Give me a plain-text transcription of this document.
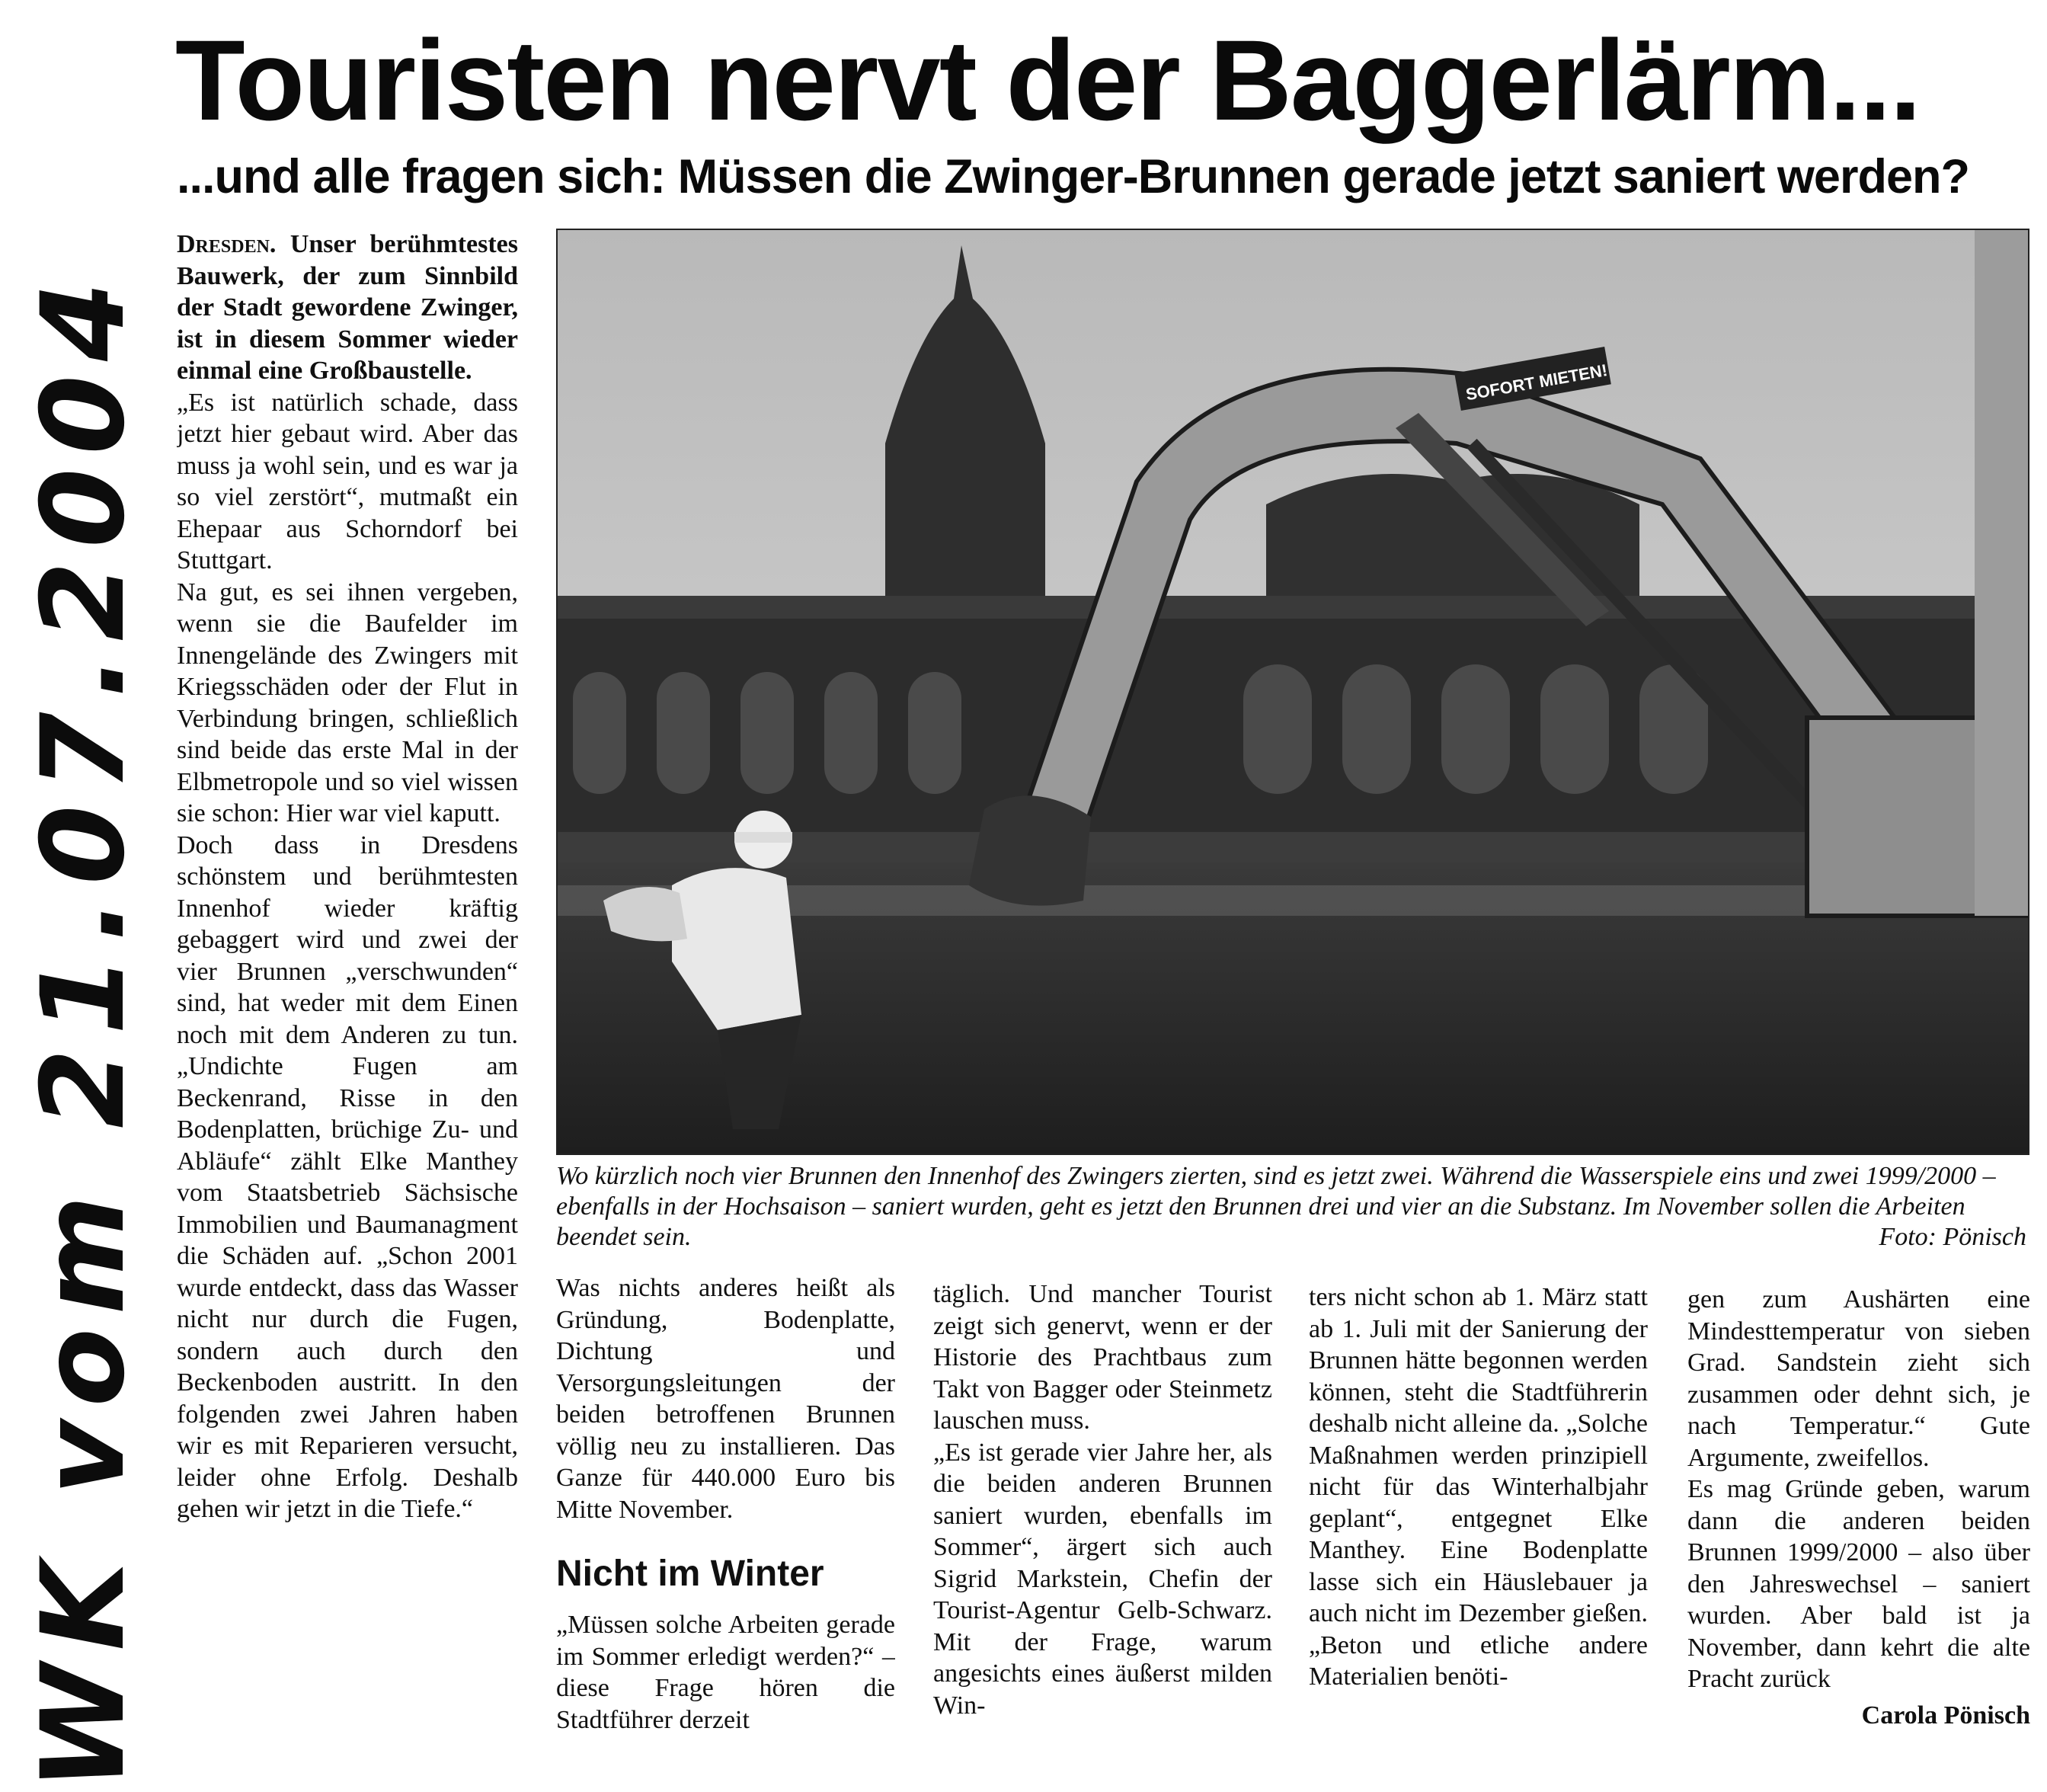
Touristen nervt der Baggerlärm...
...und alle fragen sich: Müssen die Zwinger-Brunnen gerade jetzt saniert werden?
WK vom 21.07.2004

Dresden. Unser berühmtestes Bauwerk, der zum Sinnbild der Stadt gewordene Zwinger, ist in diesem Sommer wieder einmal eine Großbaustelle.

„Es ist natürlich schade, dass jetzt hier gebaut wird. Aber das muss ja wohl sein, und es war ja so viel zerstört“, mutmaßt ein Ehepaar aus Schorndorf bei Stuttgart.

Na gut, es sei ihnen vergeben, wenn sie die Baufelder im Innengelände des Zwingers mit Kriegsschäden oder der Flut in Verbindung bringen, schließlich sind beide das erste Mal in der Elbmetropole und so viel wissen sie schon: Hier war viel kaputt.

Doch dass in Dresdens schönstem und berühmtesten Innenhof wieder kräftig gebaggert wird und zwei der vier Brunnen „verschwunden“ sind, hat weder mit dem Einen noch mit dem Anderen zu tun. „Undichte Fugen am Beckenrand, Risse in den Bodenplatten, brüchige Zu- und Abläufe“ zählt Elke Manthey vom Staatsbetrieb Sächsische Immobilien und Baumanagment die Schäden auf. „Schon 2001 wurde entdeckt, dass das Wasser nicht nur durch die Fugen, sondern auch durch den Beckenboden austritt. In den folgenden zwei Jahren haben wir es mit Reparieren versucht, leider ohne Erfolg. Deshalb gehen wir jetzt in die Tiefe.“

SOFORT MIETEN!
Wo kürzlich noch vier Brunnen den Innenhof des Zwingers zierten, sind es jetzt zwei. Während die Wasserspiele eins und zwei 1999/2000 – ebenfalls in der Hochsaison – saniert wurden, geht es jetzt den Brunnen drei und vier an die Substanz. Im November sollen die Arbeiten beendet sein.	Foto: Pönisch

Was nichts anderes heißt als Gründung, Bodenplatte, Dichtung und Versorgungsleitungen der beiden betroffenen Brunnen völlig neu zu installieren. Das Ganze für 440.000 Euro bis Mitte November.

Nicht im Winter

„Müssen solche Arbeiten gerade im Sommer erledigt werden?“ – diese Frage hören die Stadtführer derzeit

täglich. Und mancher Tourist zeigt sich genervt, wenn er der Historie des Prachtbaus zum Takt von Bagger oder Steinmetz lauschen muss.

„Es ist gerade vier Jahre her, als die beiden anderen Brunnen saniert wurden, ebenfalls im Sommer“, ärgert sich auch Sigrid Markstein, Chefin der Tourist-Agentur Gelb-Schwarz. Mit der Frage, warum angesichts eines äußerst milden Win-

ters nicht schon ab 1. März statt ab 1. Juli mit der Sanierung der Brunnen hätte begonnen werden können, steht die Stadtführerin deshalb nicht alleine da. „Solche Maßnahmen werden prinzipiell nicht für das Winterhalbjahr geplant“, entgegnet Elke Manthey. Eine Bodenplatte lasse sich ein Häuslebauer ja auch nicht im Dezember gießen. „Beton und etliche andere Materialien benöti-

gen zum Aushärten eine Mindesttemperatur von sieben Grad. Sandstein zieht sich zusammen oder dehnt sich, je nach Temperatur.“ Gute Argumente, zweifellos.

Es mag Gründe geben, warum dann die anderen beiden Brunnen 1999/2000 – also über den Jahreswechsel – saniert wurden. Aber bald ist ja November, dann kehrt die alte Pracht zurück

Carola Pönisch
